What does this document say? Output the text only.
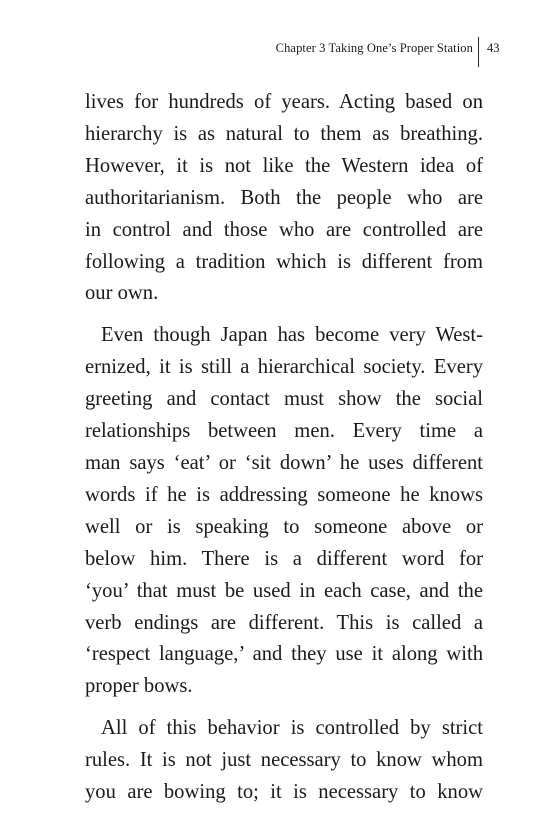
Chapter 3 Taking One’s Proper Station 43
lives for hundreds of years. Acting based on
hierarchy is as natural to them as breathing.
However, it is not like the Western idea of
authoritarianism. Both the people who are
in control and those who are controlled are
following a tradition which is different from
our own.
Even though Japan has become very West-
ernized, it is still a hierarchical society. Every
greeting and contact must show the social
relationships between men. Every time a
man says ‘eat’ or ‘sit down’ he uses different
words if he is addressing someone he knows
well or is speaking to someone above or
below him. There is a different word for
‘you’ that must be used in each case, and the
verb endings are different. This is called a
‘respect language,’ and they use it along with
proper bows.
All of this behavior is controlled by strict
rules. It is not just necessary to know whom
you are bowing to; it is necessary to know
